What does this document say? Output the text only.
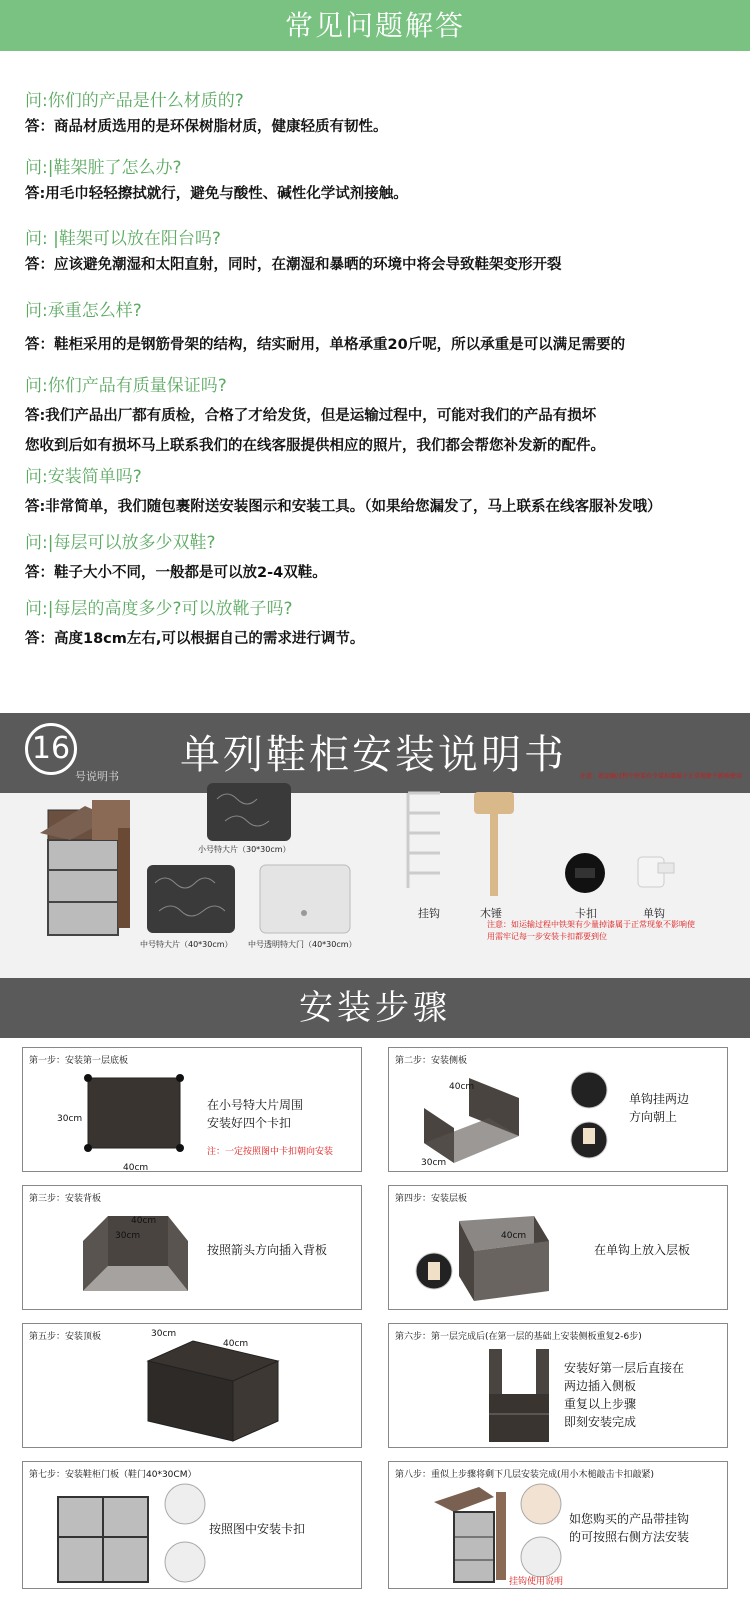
常见问题解答
问:你们的产品是什么材质的?
答：商品材质选用的是环保树脂材质，健康轻质有韧性。
问:|鞋架脏了怎么办?
答:用毛巾轻轻擦拭就行，避免与酸性、碱性化学试剂接触。
问: |鞋架可以放在阳台吗?
答：应该避免潮湿和太阳直射，同时，在潮湿和暴晒的环境中将会导致鞋架变形开裂
问:承重怎么样?
答：鞋柜采用的是钢筋骨架的结构，结实耐用，单格承重20斤呢，所以承重是可以满足需要的
问:你们产品有质量保证吗?
答:我们产品出厂都有质检，合格了才给发货，但是运输过程中，可能对我们的产品有损坏
您收到后如有损坏马上联系我们的在线客服提供相应的照片，我们都会帮您补发新的配件。
问:安装简单吗?
答:非常简单，我们随包裹附送安装图示和安装工具。（如果给您漏发了，马上联系在线客服补发哦）
问:|每层可以放多少双鞋?
答：鞋子大小不同，一般都是可以放2-4双鞋。
问:|每层的高度多少?可以放靴子吗?
答：高度18cm左右,可以根据自己的需求进行调节。
16
号说明书 单列鞋柜安装说明书 注意：如运输过程中铁架有少量掉漆属于正常现象不影响使用
小号特大片（30*30cm）
中号特大片（40*30cm） 中号透明特大门（40*30cm）
挂钩	木锤	卡扣	单钩
注意：如运输过程中铁架有少量掉漆属于正常现象不影响使用需牢记每一步安装卡扣都要到位
安装步骤
第一步：安装第一层底板
30cm
40cm
在小号特大片周围
安装好四个卡扣
注：一定按照图中卡扣朝向安装
第二步：安装侧板
40cm
30cm
单钩挂两边
方向朝上
第三步：安装背板
40cm
30cm
按照箭头方向插入背板
第四步：安装层板
40cm
在单钩上放入层板
第五步：安装顶板	30cm
40cm
第六步：第一层完成后(在第一层的基础上安装侧板重复2-6步)
安装好第一层后直接在
两边插入侧板
重复以上步骤
即刻安装完成
第七步：安装鞋柜门板（鞋门40*30CM）
按照图中安装卡扣
第八步：重似上步骤将剩下几层安装完成(用小木槌敲击卡扣敲紧)
如您购买的产品带挂钩
的可按照右侧方法安装
挂钩使用说明
